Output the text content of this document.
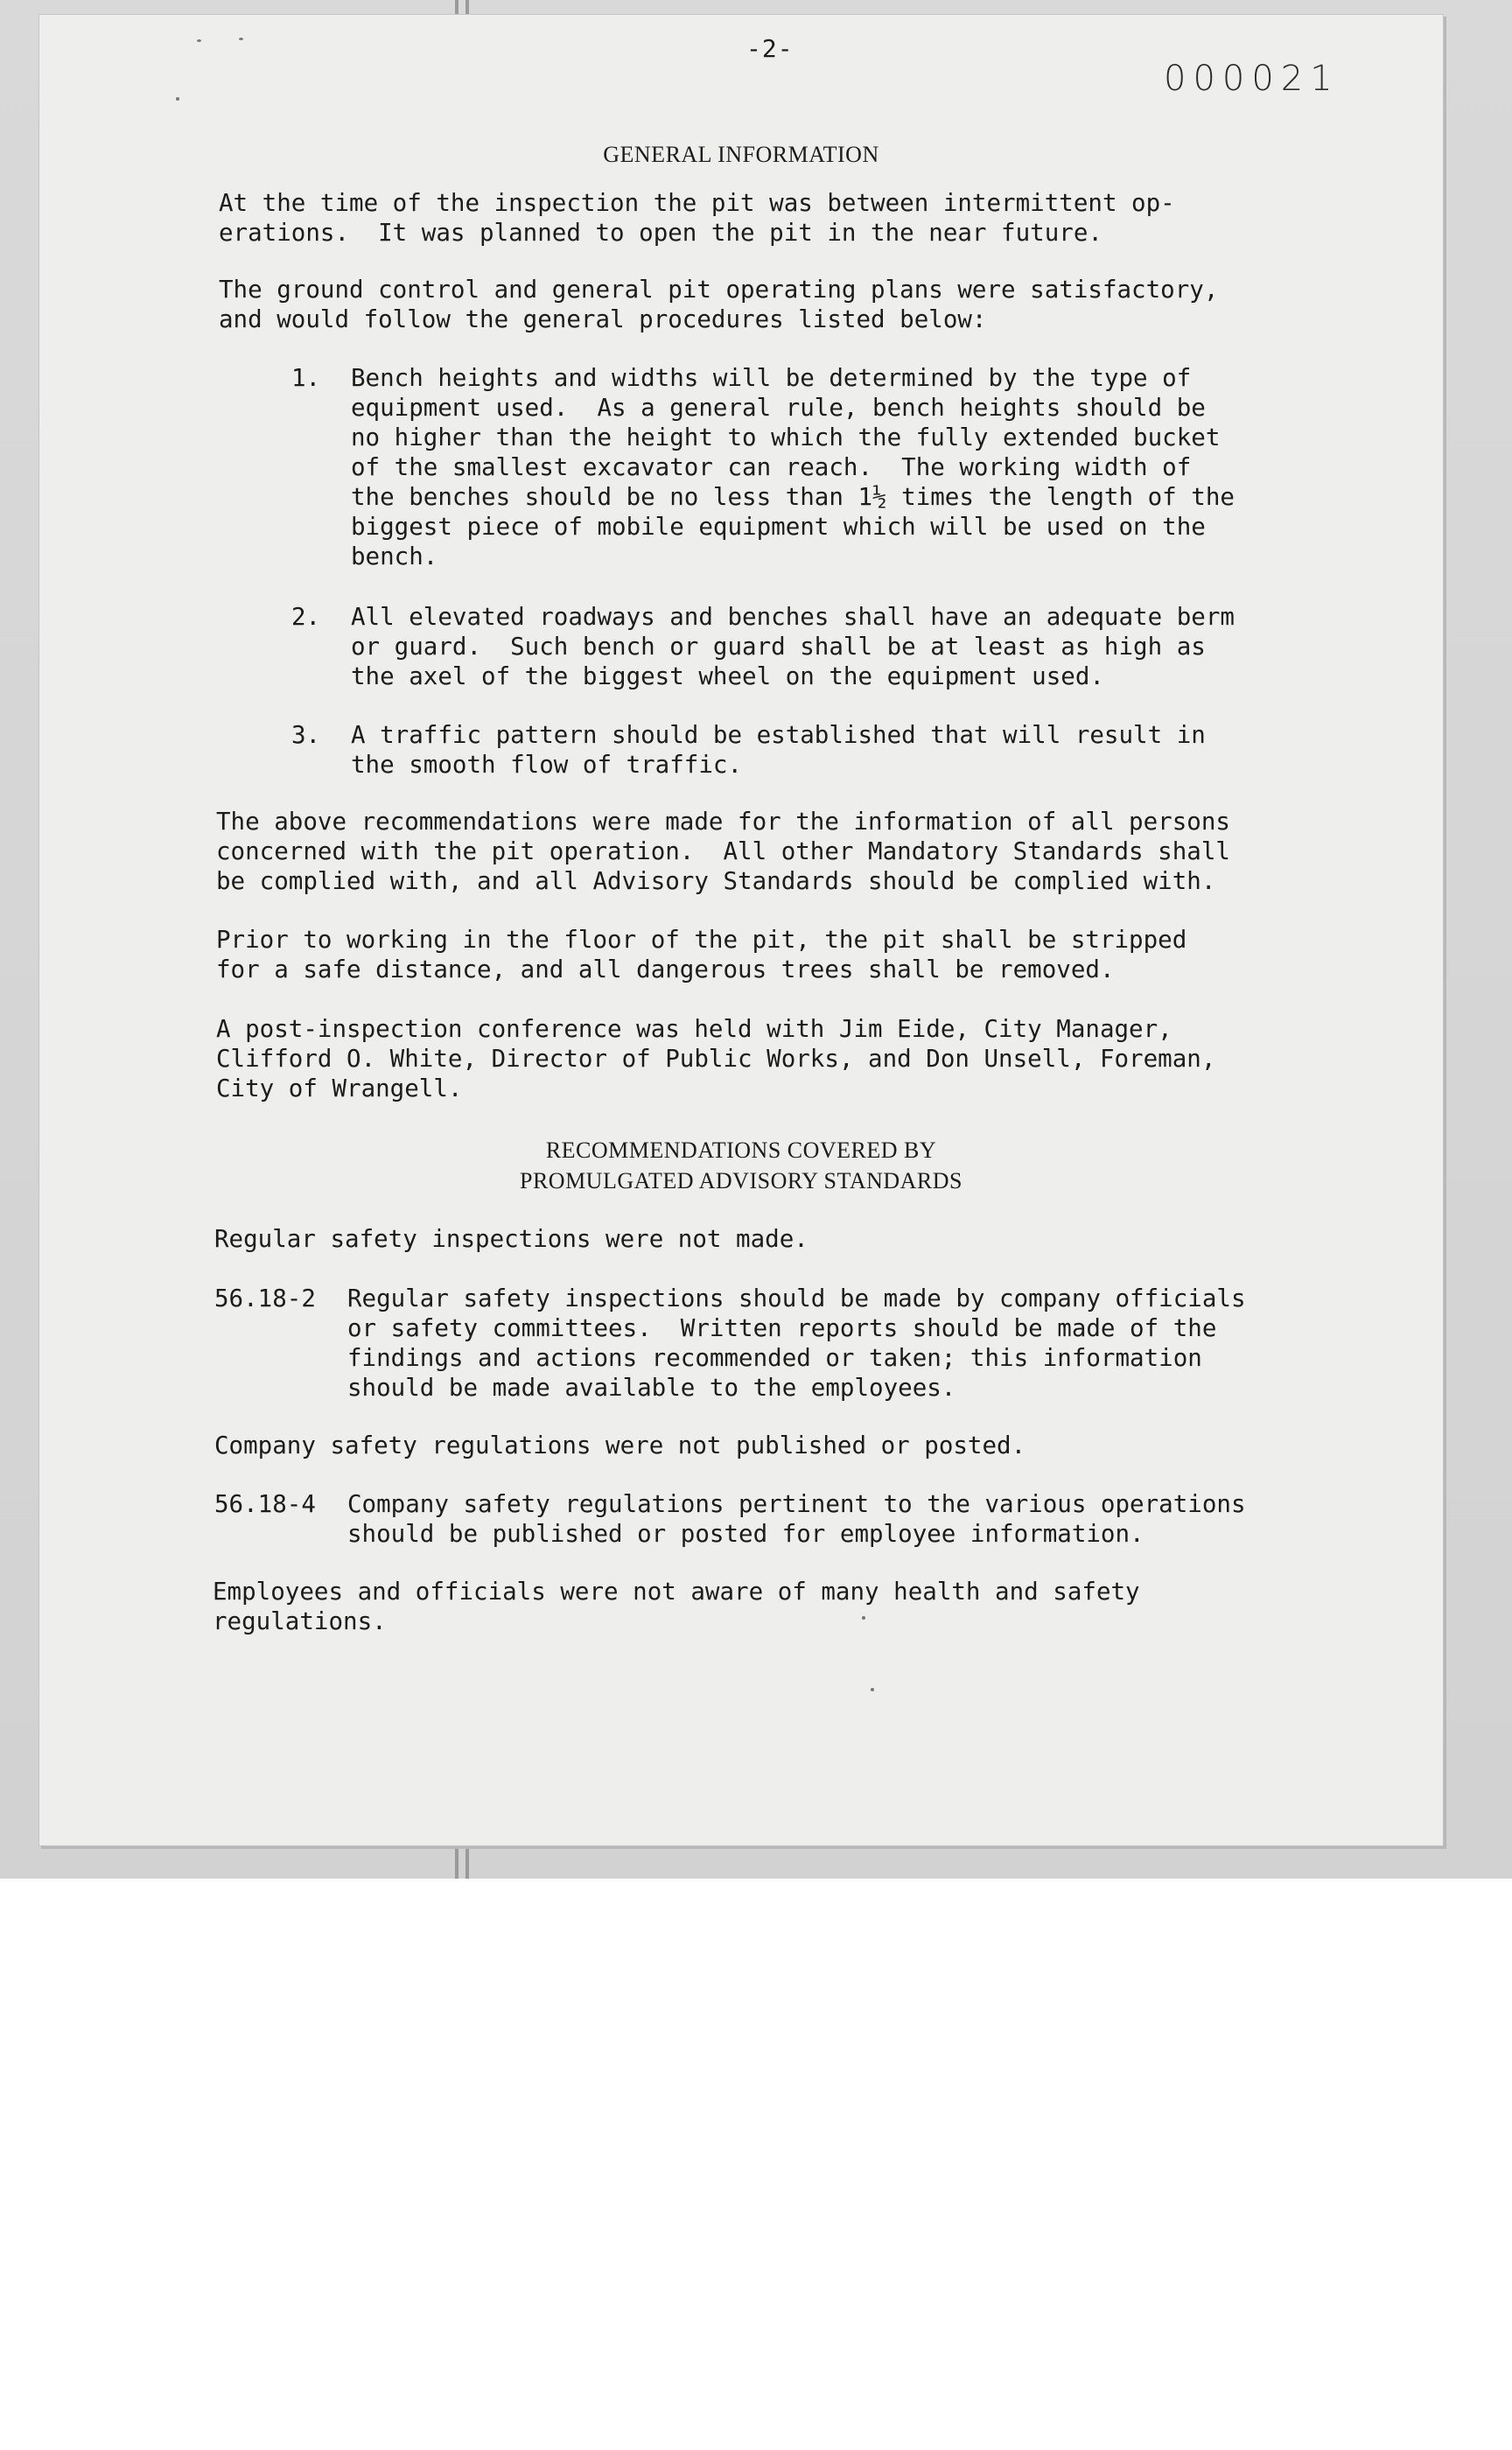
-2-
000021
GENERAL INFORMATION

At the time of the inspection the pit was between intermittent op-
erations.  It was planned to open the pit in the near future.

The ground control and general pit operating plans were satisfactory,
and would follow the general procedures listed below:

1. Bench heights and widths will be determined by the type of
equipment used.  As a general rule, bench heights should be
no higher than the height to which the fully extended bucket
of the smallest excavator can reach.  The working width of
the benches should be no less than 1½ times the length of the
biggest piece of mobile equipment which will be used on the
bench.

2. All elevated roadways and benches shall have an adequate berm
or guard.  Such bench or guard shall be at least as high as
the axel of the biggest wheel on the equipment used.

3. A traffic pattern should be established that will result in
the smooth flow of traffic.

The above recommendations were made for the information of all persons
concerned with the pit operation.  All other Mandatory Standards shall
be complied with, and all Advisory Standards should be complied with.

Prior to working in the floor of the pit, the pit shall be stripped
for a safe distance, and all dangerous trees shall be removed.

A post-inspection conference was held with Jim Eide, City Manager,
Clifford O. White, Director of Public Works, and Don Unsell, Foreman,
City of Wrangell.

RECOMMENDATIONS COVERED BY
PROMULGATED ADVISORY STANDARDS

Regular safety inspections were not made.

56.18-2 Regular safety inspections should be made by company officials
or safety committees.  Written reports should be made of the
findings and actions recommended or taken; this information
should be made available to the employees.

Company safety regulations were not published or posted.

56.18-4 Company safety regulations pertinent to the various operations
should be published or posted for employee information.

Employees and officials were not aware of many health and safety
regulations.
